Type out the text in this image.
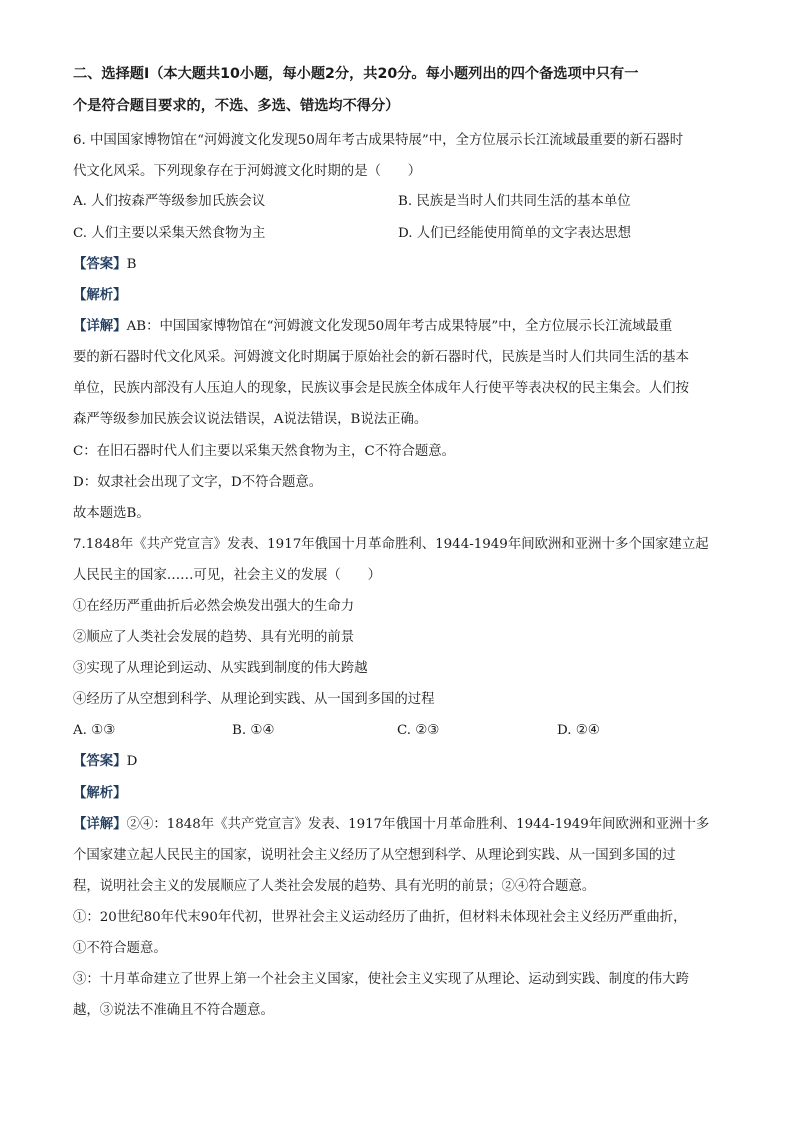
二、选择题Ⅰ（本大题共10小题，每小题2分，共20分。每小题列出的四个备选项中只有一
个是符合题目要求的，不选、多选、错选均不得分）
6. 中国国家博物馆在“河姆渡文化发现50周年考古成果特展”中，全方位展示长江流域最重要的新石器时
代文化风采。下列现象存在于河姆渡文化时期的是（　　）
A. 人们按森严等级参加氏族会议	B. 民族是当时人们共同生活的基本单位
C. 人们主要以采集天然食物为主	D. 人们已经能使用简单的文字表达思想
【答案】B
【解析】
【详解】AB：中国国家博物馆在“河姆渡文化发现50周年考古成果特展”中，全方位展示长江流域最重
要的新石器时代文化风采。河姆渡文化时期属于原始社会的新石器时代，民族是当时人们共同生活的基本
单位，民族内部没有人压迫人的现象，民族议事会是民族全体成年人行使平等表决权的民主集会。人们按
森严等级参加民族会议说法错误，A说法错误，B说法正确。
C：在旧石器时代人们主要以采集天然食物为主，C不符合题意。
D：奴隶社会出现了文字，D不符合题意。
故本题选B。
7.1848年《共产党宣言》发表、1917年俄国十月革命胜利、1944-1949年间欧洲和亚洲十多个国家建立起
人民民主的国家……可见，社会主义的发展（　　）
①在经历严重曲折后必然会焕发出强大的生命力
②顺应了人类社会发展的趋势、具有光明的前景
③实现了从理论到运动、从实践到制度的伟大跨越
④经历了从空想到科学、从理论到实践、从一国到多国的过程
A. ①③	B. ①④	C. ②③	D. ②④
【答案】D
【解析】
【详解】②④：1848年《共产党宣言》发表、1917年俄国十月革命胜利、1944-1949年间欧洲和亚洲十多
个国家建立起人民民主的国家，说明社会主义经历了从空想到科学、从理论到实践、从一国到多国的过
程，说明社会主义的发展顺应了人类社会发展的趋势、具有光明的前景；②④符合题意。
①：20世纪80年代末90年代初，世界社会主义运动经历了曲折，但材料未体现社会主义经历严重曲折，
①不符合题意。
③：十月革命建立了世界上第一个社会主义国家，使社会主义实现了从理论、运动到实践、制度的伟大跨
越，③说法不准确且不符合题意。
